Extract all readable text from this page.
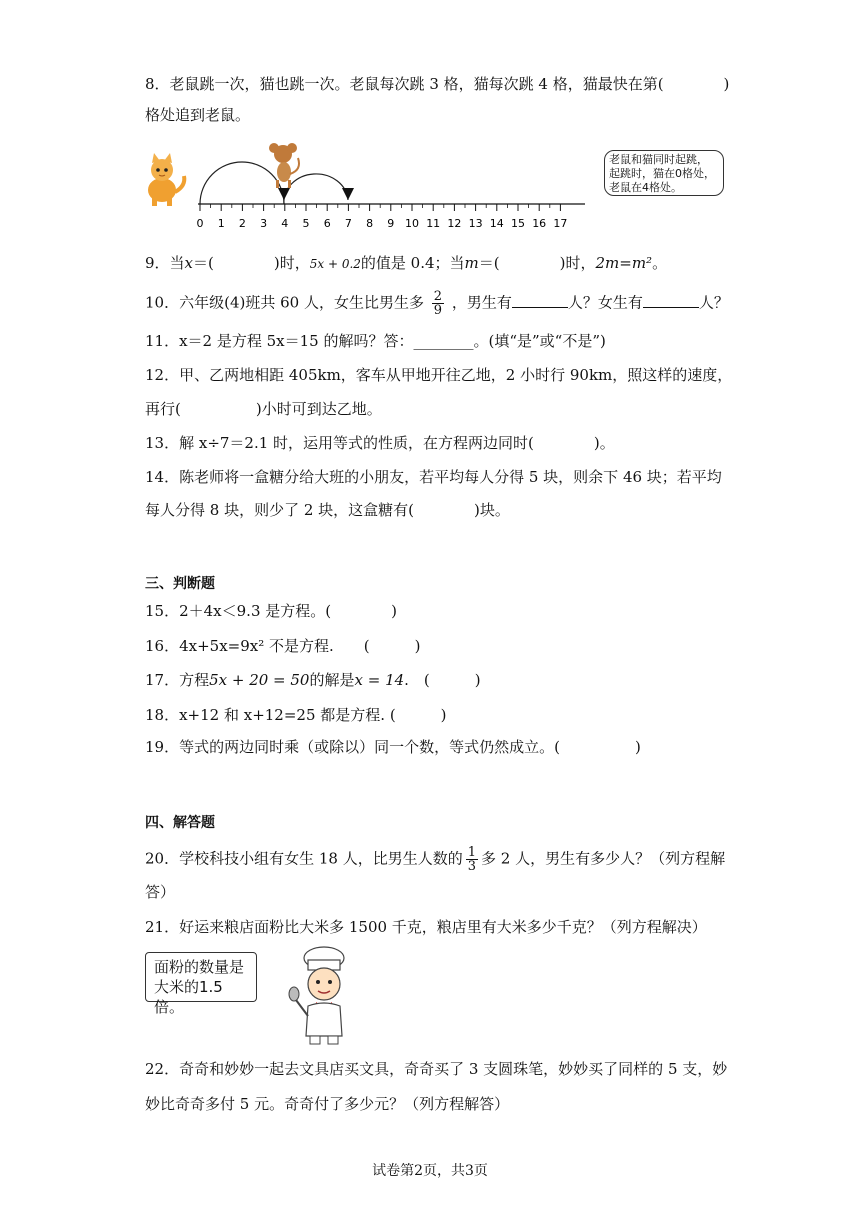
8．老鼠跳一次，猫也跳一次。老鼠每次跳 3 格，猫每次跳 4 格，猫最快在第(　　　　)
格处追到老鼠。
0 1 2 3 4 5 6 7 8 9 10 11 12 13 14 15 16 17
老鼠和猫同时起跳，
起跳时，猫在0格处，
老鼠在4格处。
9．当x＝(　　　　)时，5x + 0.2的值是 0.4；当m＝(　　　　)时，2m=m²。
10．六年级(4)班共 60 人，女生比男生多 $\frac{2}{9}$ ，男生有	人？女生有	人？
11．x＝2 是方程 5x＝15 的解吗？答：________。(填“是”或“不是”)
12．甲、乙两地相距 405km，客车从甲地开往乙地，2 小时行 90km，照这样的速度，
再行(　　　　　)小时可到达乙地。
13．解 x÷7＝2.1 时，运用等式的性质，在方程两边同时(　　　　)。
14．陈老师将一盒糖分给大班的小朋友，若平均每人分得 5 块，则余下 46 块；若平均
每人分得 8 块，则少了 2 块，这盒糖有(　　　　)块。
三、判断题
15．2＋4x＜9.3 是方程。(　　　　)
16．4x+5x=9x² 不是方程.　　(　　　)
17．方程5x + 20 = 50的解是x = 14.　(　　　)
18．x+12 和 x+12=25 都是方程. (　　　)
19．等式的两边同时乘（或除以）同一个数，等式仍然成立。(　　　　　)
四、解答题
20．学校科技小组有女生 18 人，比男生人数的 $\frac{1}{3}$ 多 2 人，男生有多少人？（列方程解
答）
21．好运来粮店面粉比大米多 1500 千克，粮店里有大米多少千克？（列方程解决）
面粉的数量是
大米的1.5倍。
22．奇奇和妙妙一起去文具店买文具，奇奇买了 3 支圆珠笔，妙妙买了同样的 5 支，妙
妙比奇奇多付 5 元。奇奇付了多少元？（列方程解答）
试卷第2页，共3页
